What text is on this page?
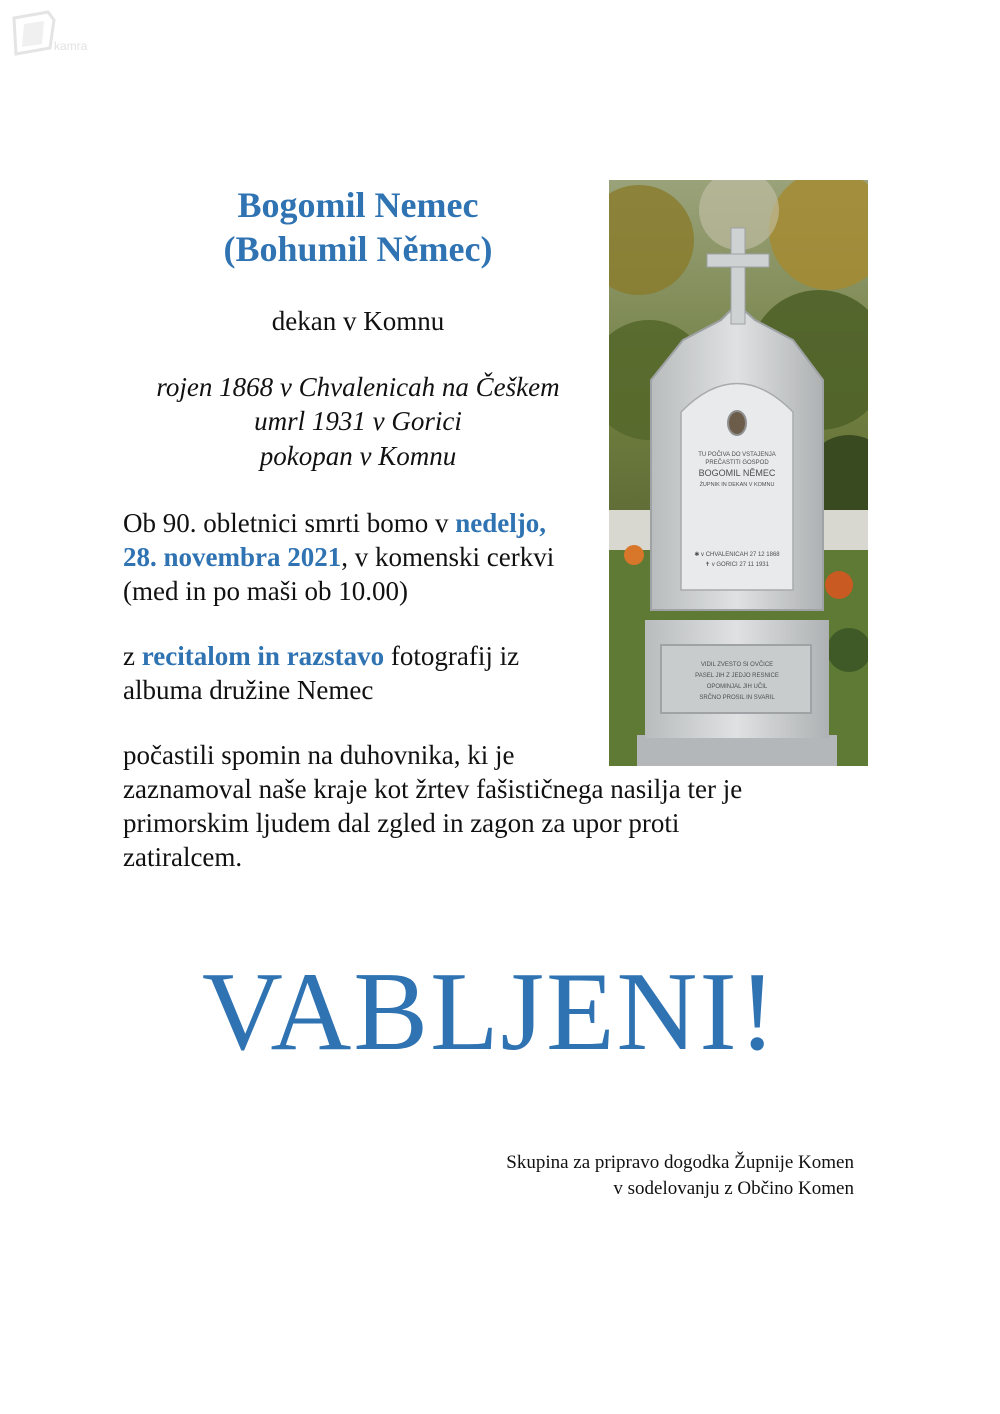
kamra
Bogomil Nemec
(Bohumil Němec)

dekan v Komnu

rojen 1868 v Chvalenicah na Češkem

umrl 1931 v Gorici

pokopan v Komnu

Ob 90. obletnici smrti bomo v nedeljo,
28. novembra 2021, v komenski cerkvi
(med in po maši ob 10.00)
z recitalom in razstavo fotografij iz
albuma družine Nemec
počastili spomin na duhovnika, ki je
zaznamoval naše kraje kot žrtev fašističnega nasilja ter je
primorskim ljudem dal zgled in zagon za upor proti
zatiralcem.
TU POČIVA DO VSTAJENJA
PREČASTITI GOSPOD
BOGOMIL NĚMEC
ŽUPNIK IN DEKAN V KOMNU
✱ v CHVALENICAH 27 12 1868
✝ v GORICI 27 11 1931
VIDIL ZVESTO SI OVČICE
PASEL JIH Z JEDJO RESNICE
OPOMINJAL JIH UČIL
SRČNO PROSIL IN SVARIL
VABLJENI!
Skupina za pripravo dogodka Župnije Komen
v sodelovanju z Občino Komen
